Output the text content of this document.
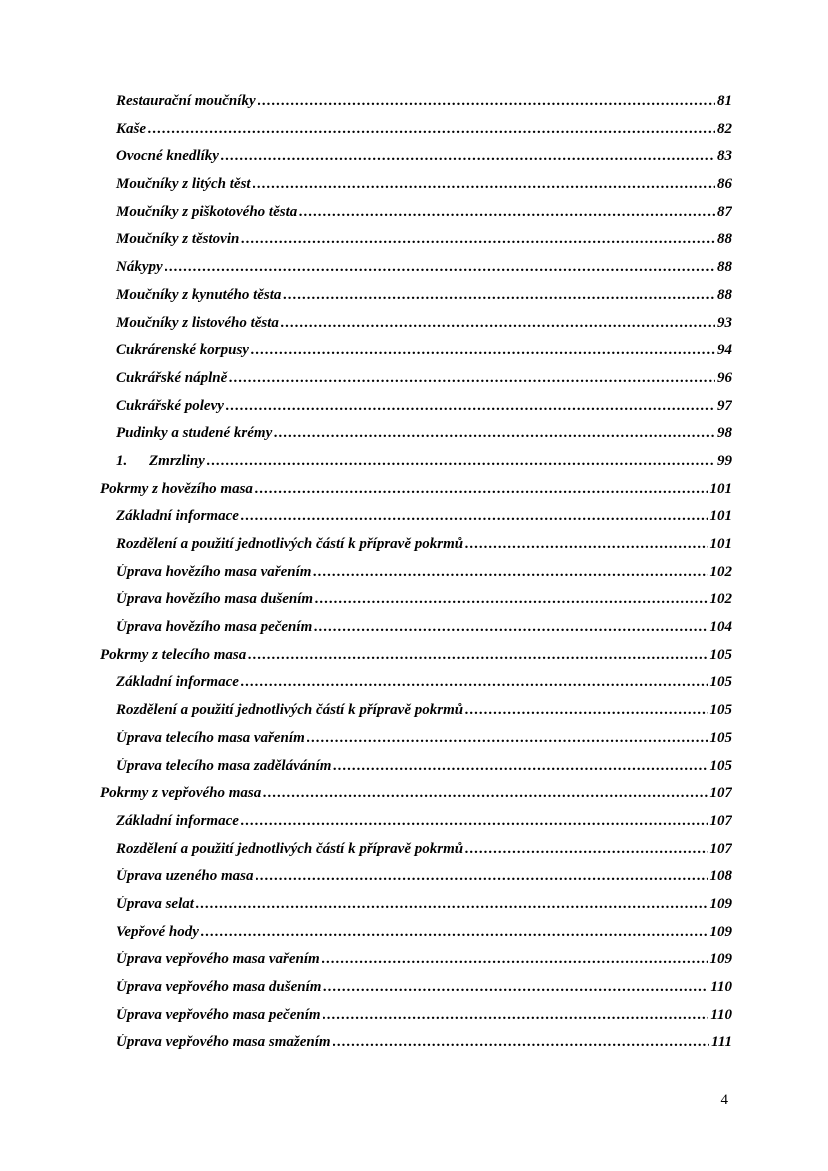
Restaurační moučníky .....	81
Kaše .....	82
Ovocné knedlíky .....	83
Moučníky z litých těst .....	86
Moučníky z piškotového těsta .....	87
Moučníky z těstovin .....	88
Nákypy .....	88
Moučníky z kynutého těsta .....	88
Moučníky z listového těsta .....	93
Cukrárenské korpusy .....	94
Cukrářské náplně .....	96
Cukrářské polevy .....	97
Pudinky a studené krémy .....	98
1.	Zmrzliny .....	99
Pokrmy z hovězího masa .....	101
Základní informace .....	101
Rozdělení a použití jednotlivých částí k přípravě pokrmů .....	101
Úprava hovězího masa vařením .....	102
Úprava hovězího masa dušením .....	102
Úprava hovězího masa pečením .....	104
Pokrmy z telecího masa .....	105
Základní informace .....	105
Rozdělení a použití jednotlivých částí k přípravě pokrmů .....	105
Úprava telecího masa vařením .....	105
Úprava telecího masa zaděláváním .....	105
Pokrmy z vepřového masa .....	107
Základní informace .....	107
Rozdělení a použití jednotlivých částí k přípravě pokrmů .....	107
Úprava uzeného masa .....	108
Úprava selat .....	109
Vepřové hody .....	109
Úprava vepřového masa vařením .....	109
Úprava vepřového masa dušením .....	110
Úprava vepřového masa pečením .....	110
Úprava vepřového masa smažením .....	111
4
